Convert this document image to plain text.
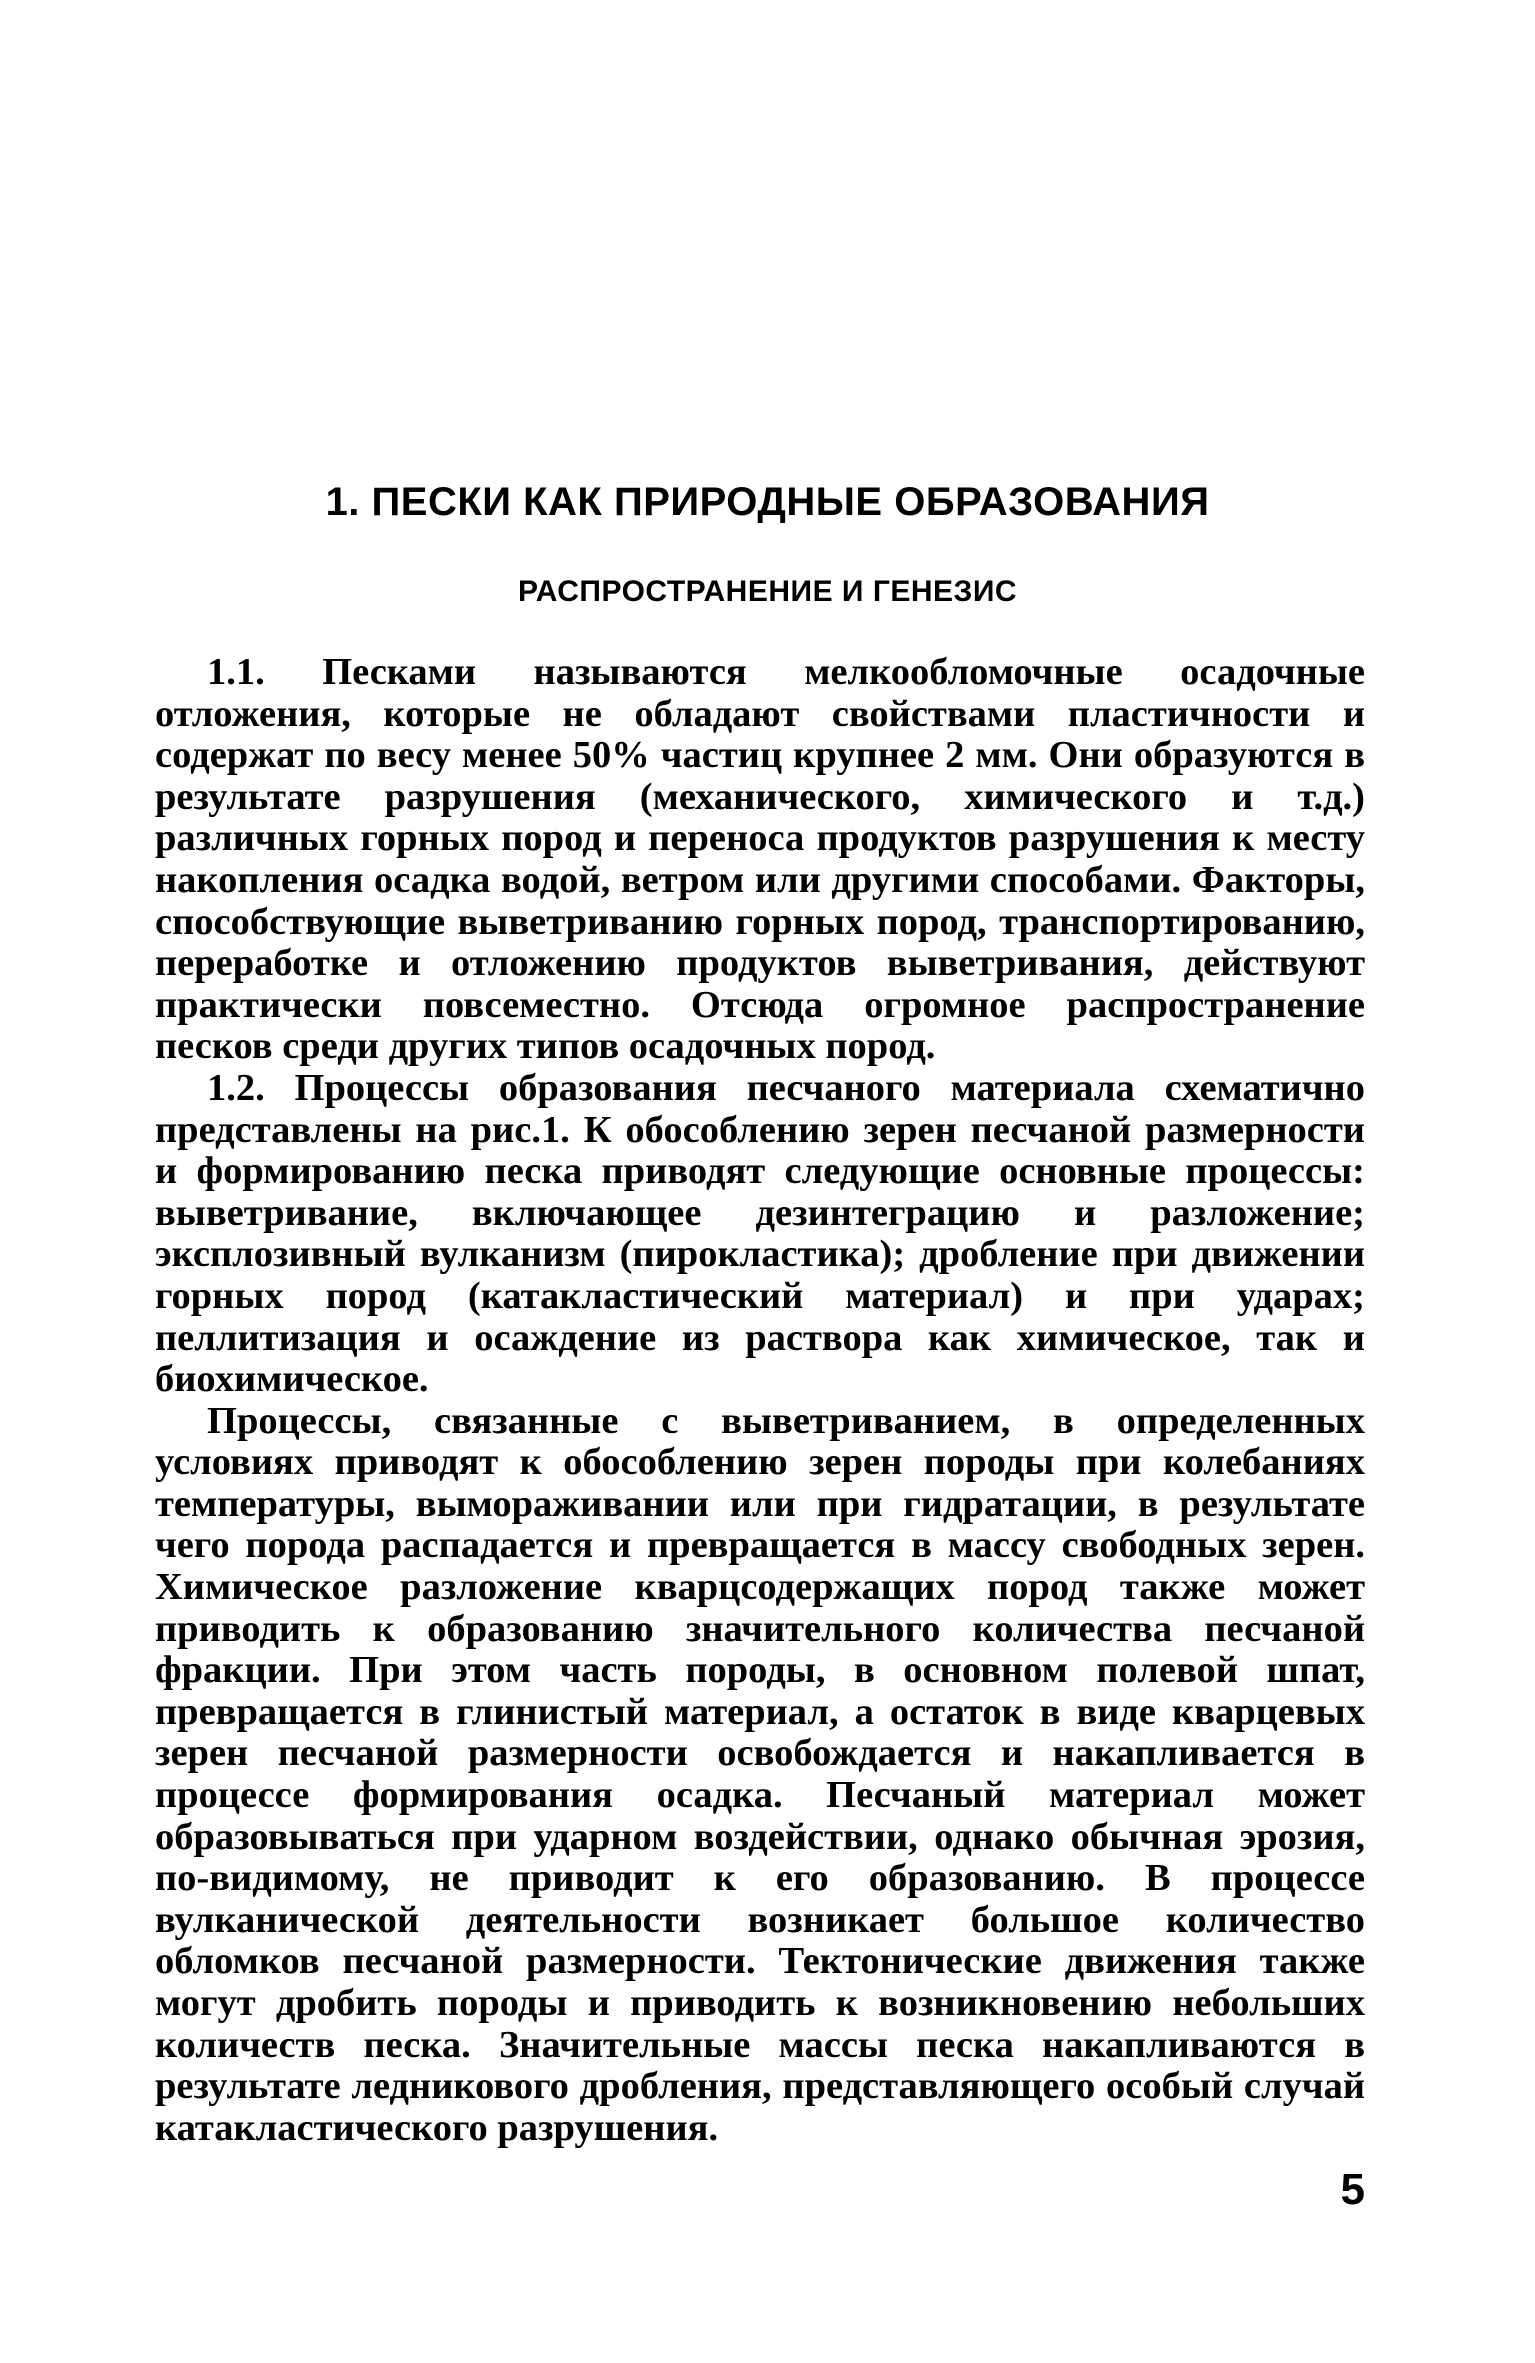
1. ПЕСКИ КАК ПРИРОДНЫЕ ОБРАЗОВАНИЯ
РАСПРОСТРАНЕНИЕ И ГЕНЕЗИС

1.1. Песками называются мелкообломочные осадочные отложения, которые не обладают свойствами пластичности и содержат по весу менее 50% частиц крупнее 2 мм. Они образуются в результате разрушения (механического, химического и т.д.) различных горных пород и переноса продуктов разрушения к месту накопления осадка водой, ветром или другими способами. Факторы, способствующие выветриванию горных пород, транспортированию, переработке и отложению продуктов выветривания, действуют практически повсеместно. Отсюда огромное распространение песков среди других типов осадочных пород.

1.2. Процессы образования песчаного материала схематично представлены на рис.1. К обособлению зерен песчаной размерности и формированию песка приводят следующие основные процессы: выветривание, включающее дезинтеграцию и разложение; эксплозивный вулканизм (пирокластика); дробление при движении горных пород (катакластический материал) и при ударах; пеллитизация и осаждение из раствора как химическое, так и биохимическое.

Процессы, связанные с выветриванием, в определенных условиях приводят к обособлению зерен породы при колебаниях температуры, вымораживании или при гидратации, в результате чего порода распадается и превращается в массу свободных зерен. Химическое разложение кварцсодержащих пород также может приводить к образованию значительного количества песчаной фракции. При этом часть породы, в основном полевой шпат, превращается в глинистый материал, а остаток в виде кварцевых зерен песчаной размерности освобождается и накапливается в процессе формирования осадка. Песчаный материал может образовываться при ударном воздействии, однако обычная эрозия, по-видимому, не приводит к его образованию. В процессе вулканической деятельности возникает большое количество обломков песчаной размерности. Тектонические движения также могут дробить породы и приводить к возникновению небольших количеств песка. Значительные массы песка накапливаются в результате ледникового дробления, представляющего особый случай катакластического разрушения.

5
